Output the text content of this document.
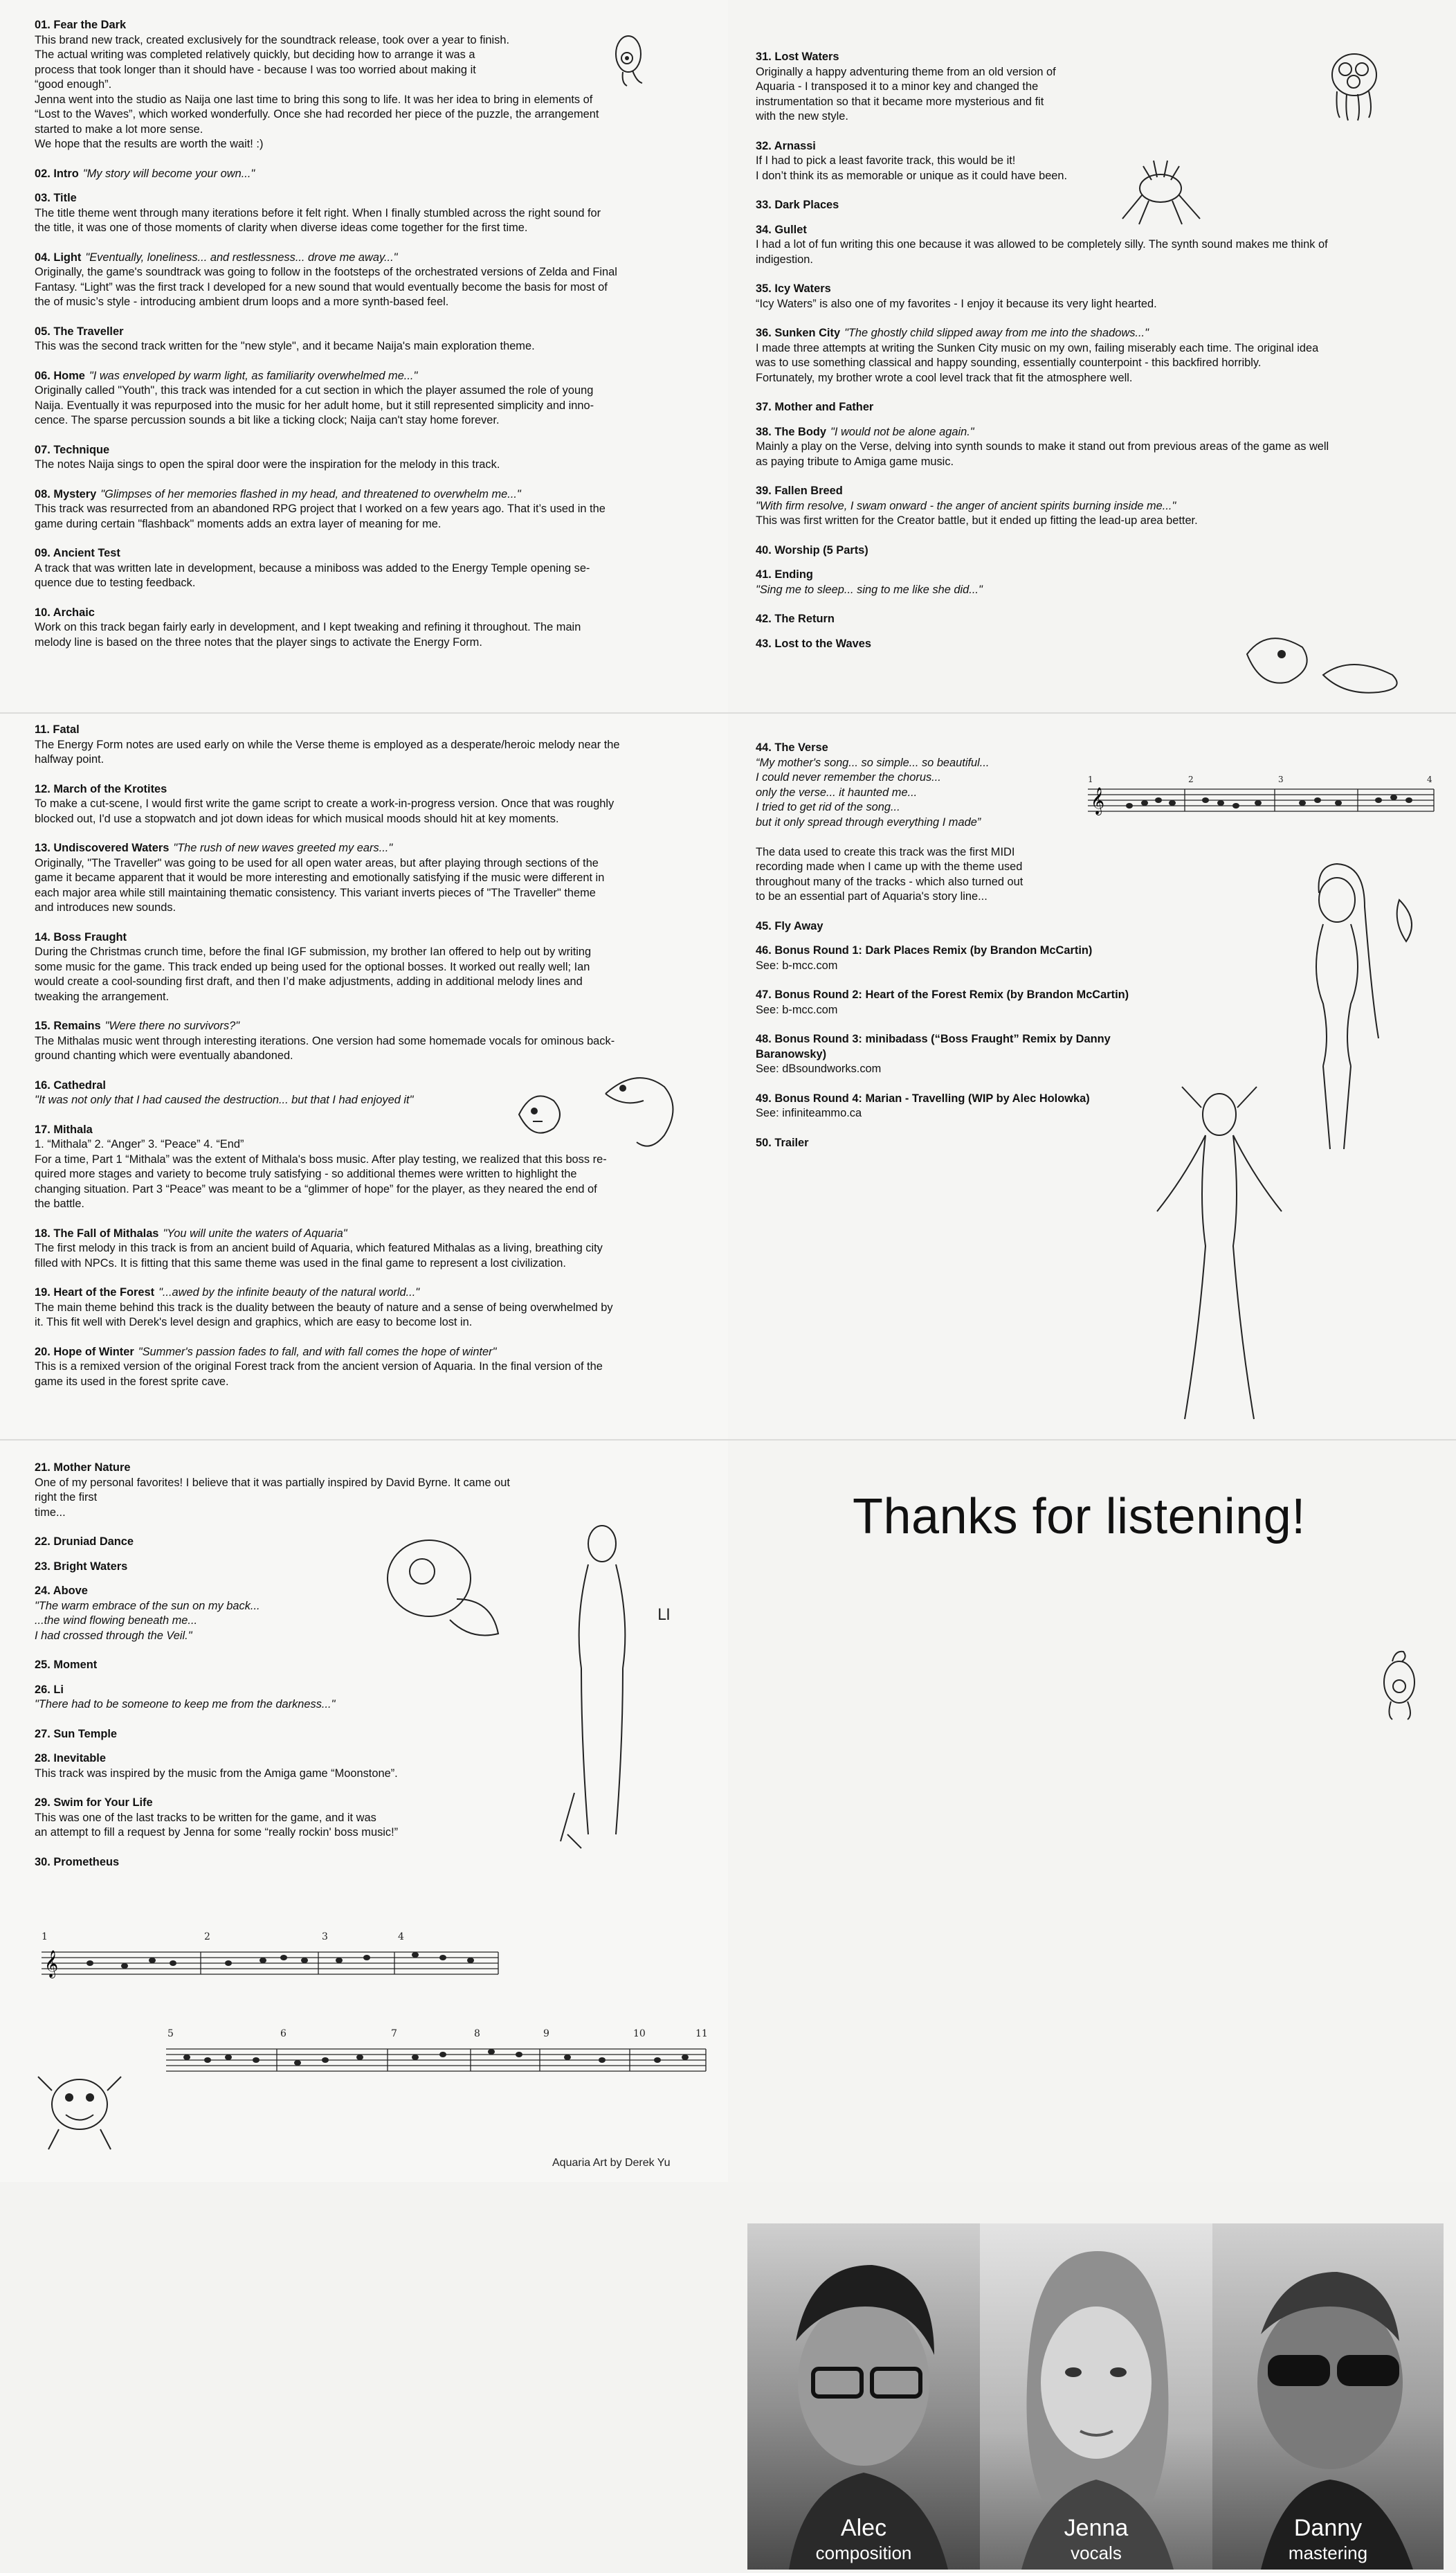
01. Fear the Dark
This brand new track, created exclusively for the soundtrack release, took over a year to finish.
The actual writing was completed relatively quickly, but deciding how to arrange it was a
process that took longer than it should have - because I was too worried about making it
“good enough”.
Jenna went into the studio as Naija one last time to bring this song to life. It was her idea to bring in elements of
“Lost to the Waves”, which worked wonderfully. Once she had recorded her piece of the puzzle, the arrangement
started to make a lot more sense.
We hope that the results are worth the wait! :)
02. Intro "My story will become your own..."
03. Title
The title theme went through many iterations before it felt right. When I finally stumbled across the right sound for
the title, it was one of those moments of clarity when diverse ideas come together for the first time.
04. Light "Eventually, loneliness... and restlessness... drove me away..."
Originally, the game's soundtrack was going to follow in the footsteps of the orchestrated versions of Zelda and Final
Fantasy. “Light” was the first track I developed for a new sound that would eventually become the basis for most of
the of music’s style - introducing ambient drum loops and a more synth-based feel.
05. The Traveller
This was the second track written for the "new style", and it became Naija's main exploration theme.
06. Home "I was enveloped by warm light, as familiarity overwhelmed me..."
Originally called "Youth", this track was intended for a cut section in which the player assumed the role of young
Naija. Eventually it was repurposed into the music for her adult home, but it still represented simplicity and inno-
cence. The sparse percussion sounds a bit like a ticking clock; Naija can't stay home forever.
07. Technique
The notes Naija sings to open the spiral door were the inspiration for the melody in this track.
08. Mystery "Glimpses of her memories flashed in my head, and threatened to overwhelm me..."
This track was resurrected from an abandoned RPG project that I worked on a few years ago. That it’s used in the
game during certain "flashback" moments adds an extra layer of meaning for me.
09. Ancient Test
A track that was written late in development, because a miniboss was added to the Energy Temple opening se-
quence due to testing feedback.
10. Archaic
Work on this track began fairly early in development, and I kept tweaking and refining it throughout. The main
melody line is based on the three notes that the player sings to activate the Energy Form.
31. Lost Waters
Originally a happy adventuring theme from an old version of
Aquaria - I transposed it to a minor key and changed the
instrumentation so that it became more mysterious and fit
with the new style.
32. Arnassi
If I had to pick a least favorite track, this would be it!
I don’t think its as memorable or unique as it could have been.
33. Dark Places
34. Gullet
I had a lot of fun writing this one because it was allowed to be completely silly. The synth sound makes me think of
indigestion.
35. Icy Waters
“Icy Waters” is also one of my favorites - I enjoy it because its very light hearted.
36. Sunken City "The ghostly child slipped away from me into the shadows..."
I made three attempts at writing the Sunken City music on my own, failing miserably each time. The original idea
was to use something classical and happy sounding, essentially counterpoint - this backfired horribly.
Fortunately, my brother wrote a cool level track that fit the atmosphere well.
37. Mother and Father
38. The Body "I would not be alone again."
Mainly a play on the Verse, delving into synth sounds to make it stand out from previous areas of the game as well
as paying tribute to Amiga game music.
39. Fallen Breed
"With firm resolve, I swam onward - the anger of ancient spirits burning inside me..."
This was first written for the Creator battle, but it ended up fitting the lead-up area better.
40. Worship (5 Parts)
41. Ending
"Sing me to sleep... sing to me like she did..."
42. The Return
43. Lost to the Waves
11. Fatal
The Energy Form notes are used early on while the Verse theme is employed as a desperate/heroic melody near the
halfway point.
12. March of the Krotites
To make a cut-scene, I would first write the game script to create a work-in-progress version. Once that was roughly
blocked out, I'd use a stopwatch and jot down ideas for which musical moods should hit at key moments.
13. Undiscovered Waters "The rush of new waves greeted my ears..."
Originally, "The Traveller" was going to be used for all open water areas, but after playing through sections of the
game it became apparent that it would be more interesting and emotionally satisfying if the music were different in
each major area while still maintaining thematic consistency. This variant inverts pieces of "The Traveller" theme
and introduces new sounds.
14. Boss Fraught
During the Christmas crunch time, before the final IGF submission, my brother Ian offered to help out by writing
some music for the game. This track ended up being used for the optional bosses. It worked out really well; Ian
would create a cool-sounding first draft, and then I’d make adjustments, adding in additional melody lines and
tweaking the arrangement.
15. Remains "Were there no survivors?"
The Mithalas music went through interesting iterations. One version had some homemade vocals for ominous back-
ground chanting which were eventually abandoned.
16. Cathedral
"It was not only that I had caused the destruction... but that I had enjoyed it"
17. Mithala
1. “Mithala” 2. “Anger” 3. “Peace” 4. “End”
For a time, Part 1 “Mithala” was the extent of Mithala's boss music. After play testing, we realized that this boss re-
quired more stages and variety to become truly satisfying - so additional themes were written to highlight the
changing situation. Part 3 “Peace” was meant to be a “glimmer of hope” for the player, as they neared the end of
the battle.
18. The Fall of Mithalas "You will unite the waters of Aquaria"
The first melody in this track is from an ancient build of Aquaria, which featured Mithalas as a living, breathing city
filled with NPCs. It is fitting that this same theme was used in the final game to represent a lost civilization.
19. Heart of the Forest "...awed by the infinite beauty of the natural world..."
The main theme behind this track is the duality between the beauty of nature and a sense of being overwhelmed by
it. This fit well with Derek's level design and graphics, which are easy to become lost in.
20. Hope of Winter "Summer's passion fades to fall, and with fall comes the hope of winter"
This is a remixed version of the original Forest track from the ancient version of Aquaria. In the final version of the
game its used in the forest sprite cave.
44. The Verse
“My mother's song... so simple... so beautiful...
I could never remember the chorus...
only the verse... it haunted me...
I tried to get rid of the song...
but it only spread through everything I made”

The data used to create this track was the first MIDI
recording made when I came up with the theme used
throughout many of the tracks - which also turned out
to be an essential part of Aquaria's story line...
45. Fly Away
46. Bonus Round 1: Dark Places Remix (by Brandon McCartin)
See: b-mcc.com
47. Bonus Round 2: Heart of the Forest Remix (by Brandon McCartin)
See: b-mcc.com
48. Bonus Round 3: minibadass (“Boss Fraught” Remix by Danny Baranowsky)
See: dBsoundworks.com
49. Bonus Round 4: Marian - Travelling (WIP by Alec Holowka)
See: infiniteammo.ca
50. Trailer
𝄞
1	2	3	4
21. Mother Nature
One of my personal favorites! I believe that it was partially inspired by David Byrne. It came out right the first
time...
22. Druniad Dance
23. Bright Waters
24. Above
"The warm embrace of the sun on my back...
...the wind flowing beneath me...
I had crossed through the Veil."
25. Moment
26. Li
"There had to be someone to keep me from the darkness..."
27. Sun Temple
28. Inevitable
This track was inspired by the music from the Amiga game “Moonstone”.
29. Swim for Your Life
This was one of the last tracks to be written for the game, and it was
an attempt to fill a request by Jenna for some “really rockin' boss music!”
30. Prometheus
LI
𝄞
1	2	3	4
5	6	7	8	9	10	11
Aquaria Art by Derek Yu
Thanks for listening!
Alec
composition
Jenna
vocals
Danny
mastering
